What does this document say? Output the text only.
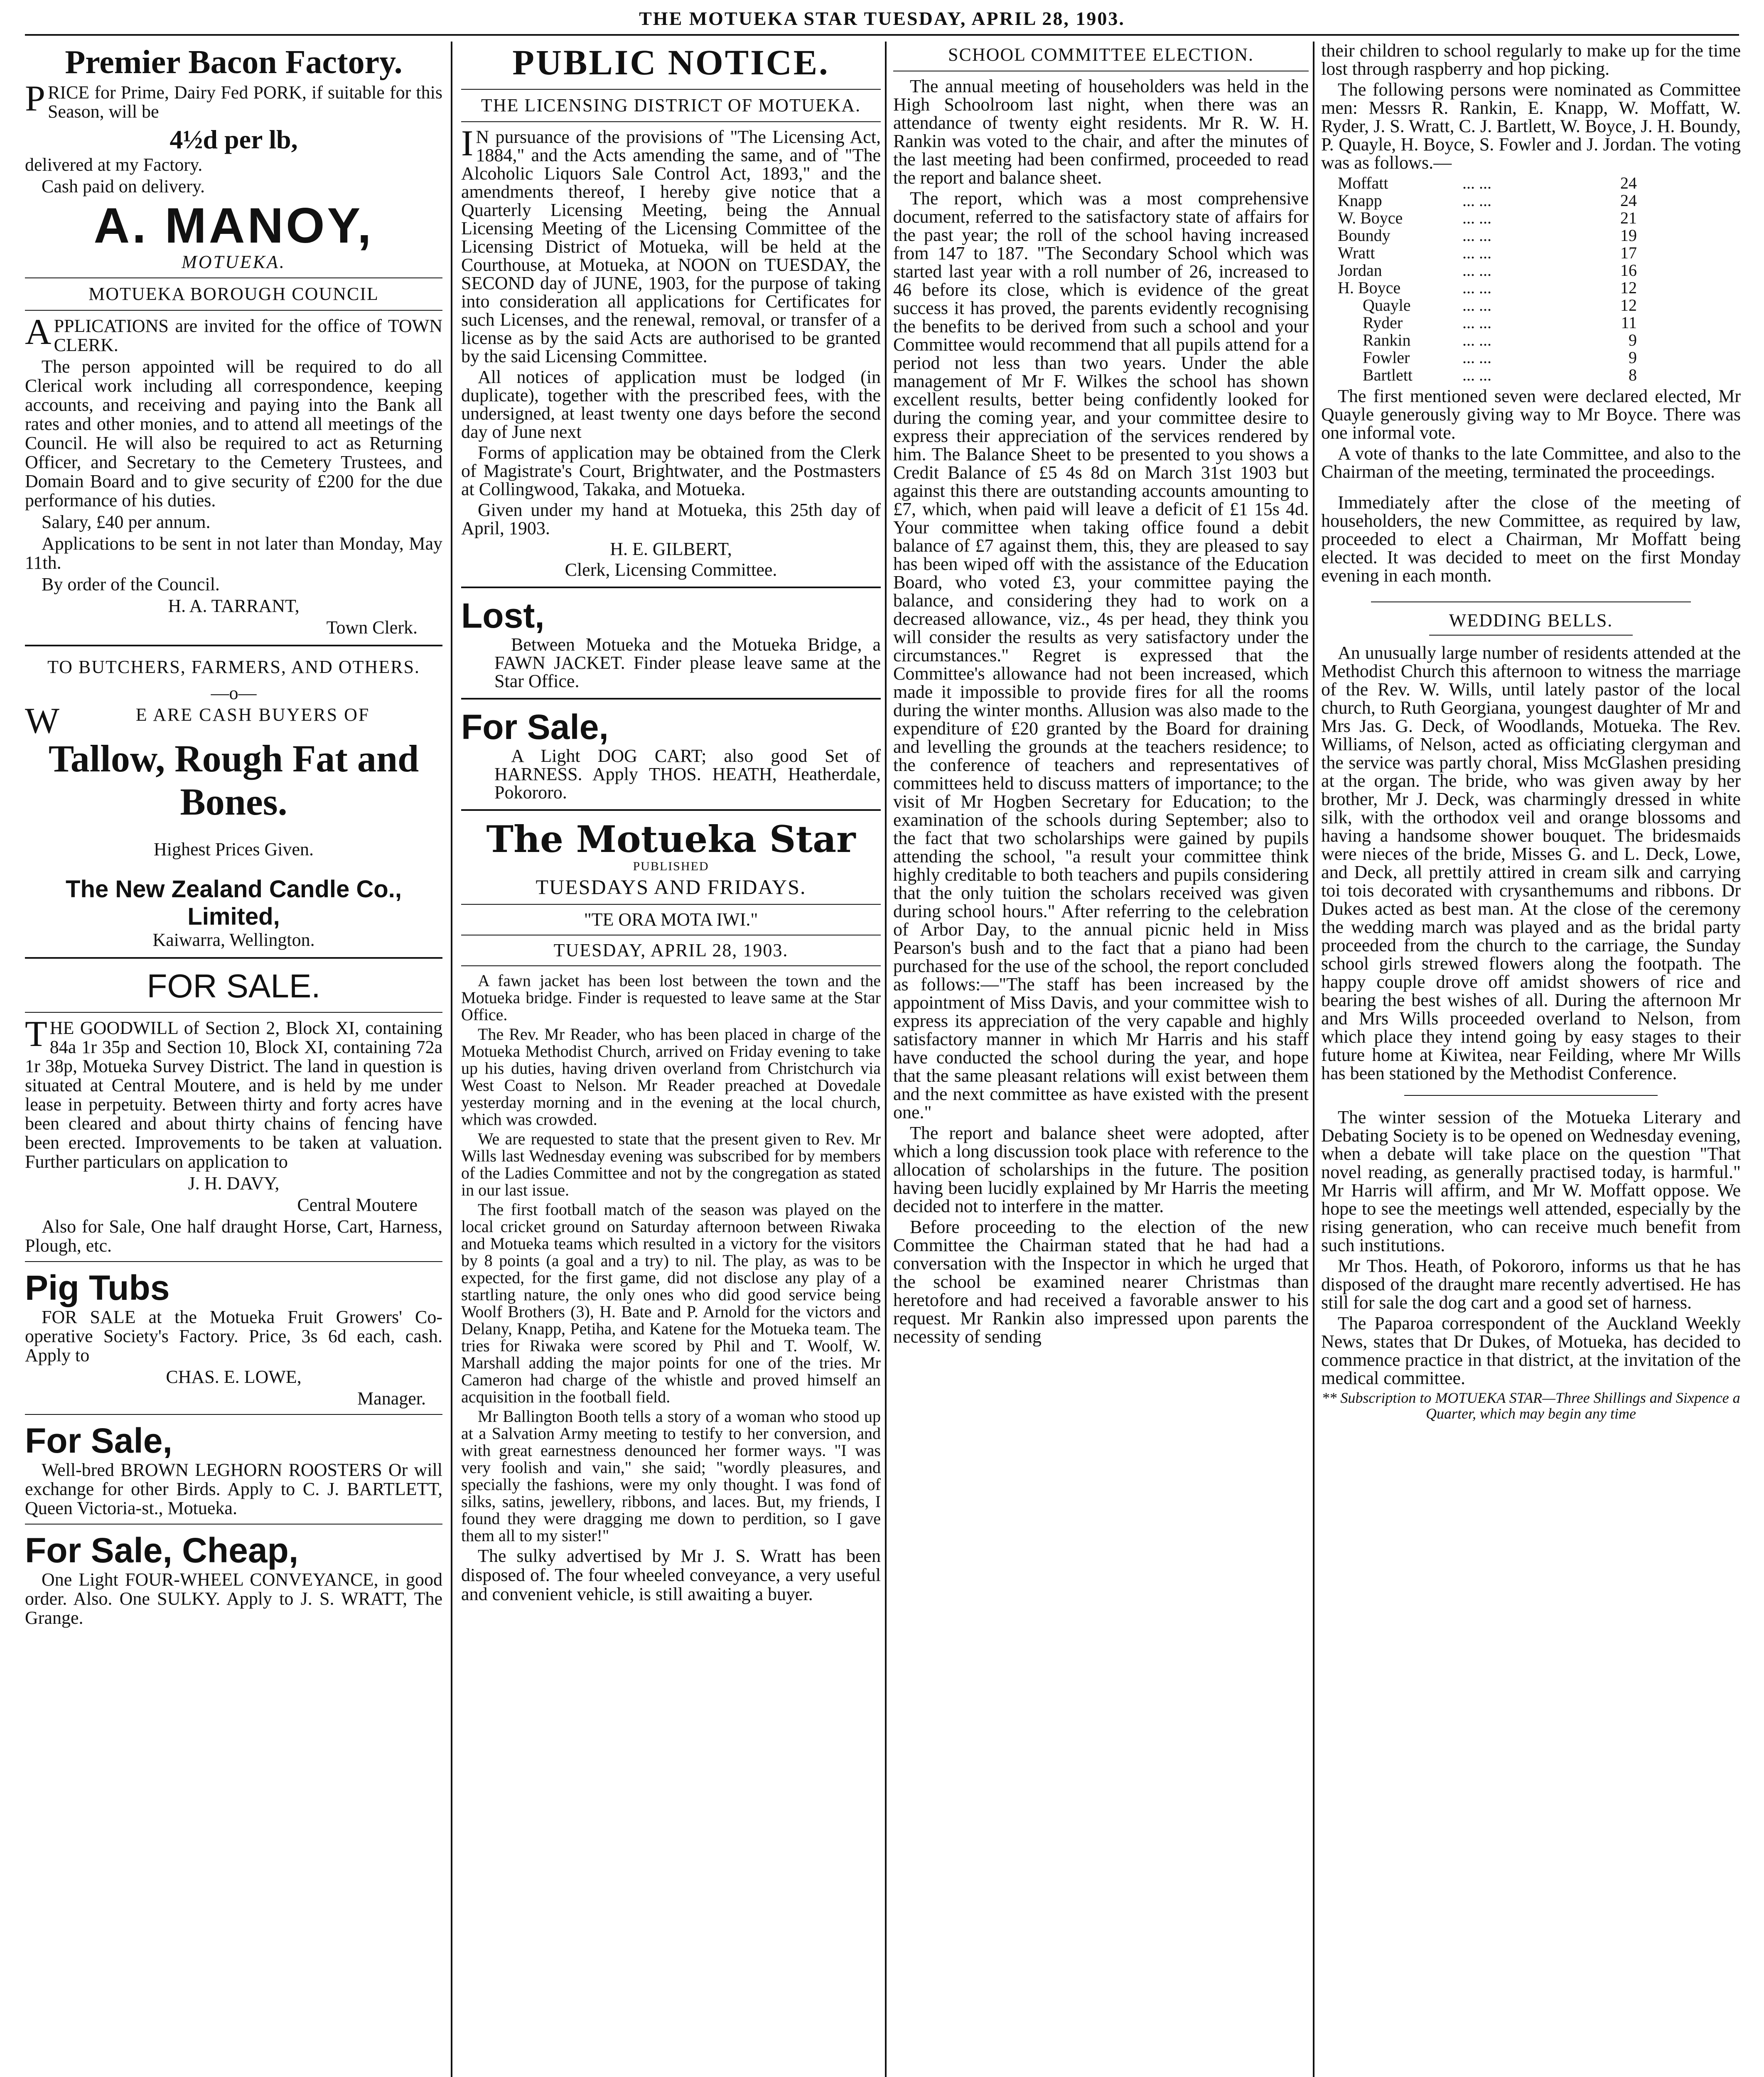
THE MOTUEKA STAR TUESDAY, APRIL 28, 1903.
Premier Bacon Factory.

PRICE for Prime, Dairy Fed PORK, if suitable for this Season, will be

4½d per lb,

delivered at my Factory.

Cash paid on delivery.

A. MANOY,

MOTUEKA.

MOTUEKA BOROUGH COUNCIL

APPLICATIONS are invited for the office of TOWN CLERK.

The person appointed will be required to do all Clerical work including all correspondence, keeping accounts, and receiving and paying into the Bank all rates and other monies, and to attend all meetings of the Council. He will also be required to act as Returning Officer, and Secretary to the Cemetery Trustees, and Domain Board and to give security of £200 for the due performance of his duties.

Salary, £40 per annum.

Applications to be sent in not later than Monday, May 11th.

By order of the Council.

H. A. TARRANT,

Town Clerk.

TO BUTCHERS, FARMERS, AND OTHERS.

—o—

WE ARE CASH BUYERS OF

Tallow, Rough Fat and Bones.

Highest Prices Given.

The New Zealand Candle Co., Limited,

Kaiwarra, Wellington.

FOR SALE.

THE GOODWILL of Section 2, Block XI, containing 84a 1r 35p and Section 10, Block XI, containing 72a 1r 38p, Motueka Survey District. The land in question is situated at Central Moutere, and is held by me under lease in perpetuity. Between thirty and forty acres have been cleared and about thirty chains of fencing have been erected. Improvements to be taken at valuation. Further particulars on application to

J. H. DAVY,

Central Moutere

Also for Sale, One half draught Horse, Cart, Harness, Plough, etc.

Pig Tubs

FOR SALE at the Motueka Fruit Growers' Co-operative Society's Factory. Price, 3s 6d each, cash. Apply to

CHAS. E. LOWE,

Manager.

For Sale,

Well-bred BROWN LEGHORN ROOSTERS Or will exchange for other Birds. Apply to C. J. BARTLETT, Queen Victoria-st., Motueka.

For Sale, Cheap,

One Light FOUR-WHEEL CONVEYANCE, in good order. Also. One SULKY. Apply to J. S. WRATT, The Grange.

PUBLIC NOTICE.
THE LICENSING DISTRICT OF MOTUEKA.

IN pursuance of the provisions of "The Licensing Act, 1884," and the Acts amending the same, and of "The Alcoholic Liquors Sale Control Act, 1893," and the amendments thereof, I hereby give notice that a Quarterly Licensing Meeting, being the Annual Licensing Meeting of the Licensing Committee of the Licensing District of Motueka, will be held at the Courthouse, at Motueka, at NOON on TUESDAY, the SECOND day of JUNE, 1903, for the purpose of taking into consideration all applications for Certificates for such Licenses, and the renewal, removal, or transfer of a license as by the said Acts are authorised to be granted by the said Licensing Committee.

All notices of application must be lodged (in duplicate), together with the prescribed fees, with the undersigned, at least twenty one days before the second day of June next

Forms of application may be obtained from the Clerk of Magistrate's Court, Brightwater, and the Postmasters at Collingwood, Takaka, and Motueka.

Given under my hand at Motueka, this 25th day of April, 1903.

H. E. GILBERT,

Clerk, Licensing Committee.

Lost,

Between Motueka and the Motueka Bridge, a FAWN JACKET. Finder please leave same at the Star Office.

For Sale,

A Light DOG CART; also good Set of HARNESS. Apply THOS. HEATH, Heatherdale, Pokororo.

The Motueka Star

PUBLISHED

TUESDAYS AND FRIDAYS.

"TE ORA MOTA IWI."

TUESDAY, APRIL 28, 1903.

A fawn jacket has been lost between the town and the Motueka bridge. Finder is requested to leave same at the Star Office.

The Rev. Mr Reader, who has been placed in charge of the Motueka Methodist Church, arrived on Friday evening to take up his duties, having driven overland from Christchurch via West Coast to Nelson. Mr Reader preached at Dovedale yesterday morning and in the evening at the local church, which was crowded.

We are requested to state that the present given to Rev. Mr Wills last Wednesday evening was subscribed for by members of the Ladies Committee and not by the congregation as stated in our last issue.

The first football match of the season was played on the local cricket ground on Saturday afternoon between Riwaka and Motueka teams which resulted in a victory for the visitors by 8 points (a goal and a try) to nil. The play, as was to be expected, for the first game, did not disclose any play of a startling nature, the only ones who did good service being Woolf Brothers (3), H. Bate and P. Arnold for the victors and Delany, Knapp, Petiha, and Katene for the Motueka team. The tries for Riwaka were scored by Phil and T. Woolf, W. Marshall adding the major points for one of the tries. Mr Cameron had charge of the whistle and proved himself an acquisition in the football field.

Mr Ballington Booth tells a story of a woman who stood up at a Salvation Army meeting to testify to her conversion, and with great earnestness denounced her former ways. "I was very foolish and vain," she said; "wordly pleasures, and specially the fashions, were my only thought. I was fond of silks, satins, jewellery, ribbons, and laces. But, my friends, I found they were dragging me down to perdition, so I gave them all to my sister!"

The sulky advertised by Mr J. S. Wratt has been disposed of. The four wheeled conveyance, a very useful and convenient vehicle, is still awaiting a buyer.

SCHOOL COMMITTEE ELECTION.

The annual meeting of householders was held in the High Schoolroom last night, when there was an attendance of twenty eight residents. Mr R. W. H. Rankin was voted to the chair, and after the minutes of the last meeting had been confirmed, proceeded to read the report and balance sheet.

The report, which was a most comprehensive document, referred to the satisfactory state of affairs for the past year; the roll of the school having increased from 147 to 187. "The Secondary School which was started last year with a roll number of 26, increased to 46 before its close, which is evidence of the great success it has proved, the parents evidently recognising the benefits to be derived from such a school and your Committee would recommend that all pupils attend for a period not less than two years. Under the able management of Mr F. Wilkes the school has shown excellent results, better being confidently looked for during the coming year, and your committee desire to express their appreciation of the services rendered by him. The Balance Sheet to be presented to you shows a Credit Balance of £5 4s 8d on March 31st 1903 but against this there are outstanding accounts amounting to £7, which, when paid will leave a deficit of £1 15s 4d. Your committee when taking office found a debit balance of £7 against them, this, they are pleased to say has been wiped off with the assistance of the Education Board, who voted £3, your committee paying the balance, and considering they had to work on a decreased allowance, viz., 4s per head, they think you will consider the results as very satisfactory under the circumstances." Regret is expressed that the Committee's allowance had not been increased, which made it impossible to provide fires for all the rooms during the winter months. Allusion was also made to the expenditure of £20 granted by the Board for draining and levelling the grounds at the teachers residence; to the conference of teachers and representatives of committees held to discuss matters of importance; to the visit of Mr Hogben Secretary for Education; to the examination of the schools during September; also to the fact that two scholarships were gained by pupils attending the school, "a result your committee think highly creditable to both teachers and pupils considering that the only tuition the scholars received was given during school hours." After referring to the celebration of Arbor Day, to the annual picnic held in Miss Pearson's bush and to the fact that a piano had been purchased for the use of the school, the report concluded as follows:—"The staff has been increased by the appointment of Miss Davis, and your committee wish to express its appreciation of the very capable and highly satisfactory manner in which Mr Harris and his staff have conducted the school during the year, and hope that the same pleasant relations will exist between them and the next committee as have existed with the present one."

The report and balance sheet were adopted, after which a long discussion took place with reference to the allocation of scholarships in the future. The position having been lucidly explained by Mr Harris the meeting decided not to interfere in the matter.

Before proceeding to the election of the new Committee the Chairman stated that he had had a conversation with the Inspector in which he urged that the school be examined nearer Christmas than heretofore and had received a favorable answer to his request. Mr Rankin also impressed upon parents the necessity of sending

their children to school regularly to make up for the time lost through raspberry and hop picking.

The following persons were nominated as Committee men: Messrs R. Rankin, E. Knapp, W. Moffatt, W. Ryder, J. S. Wratt, C. J. Bartlett, W. Boyce, J. H. Boundy, P. Quayle, H. Boyce, S. Fowler and J. Jordan. The voting was as follows.—

Moffatt	... ...	24
Knapp	... ...	24
W. Boyce	... ...	21
Boundy	... ...	19
Wratt	... ...	17
Jordan	... ...	16
H. Boyce	... ...	12
Quayle	... ...	12
Ryder	... ...	11
Rankin	... ...	9
Fowler	... ...	9
Bartlett	... ...	8

The first mentioned seven were declared elected, Mr Quayle generously giving way to Mr Boyce. There was one informal vote.

A vote of thanks to the late Committee, and also to the Chairman of the meeting, terminated the proceedings.

Immediately after the close of the meeting of householders, the new Committee, as required by law, proceeded to elect a Chairman, Mr Moffatt being elected. It was decided to meet on the first Monday evening in each month.

WEDDING BELLS.

An unusually large number of residents attended at the Methodist Church this afternoon to witness the marriage of the Rev. W. Wills, until lately pastor of the local church, to Ruth Georgiana, youngest daughter of Mr and Mrs Jas. G. Deck, of Woodlands, Motueka. The Rev. Williams, of Nelson, acted as officiating clergyman and the service was partly choral, Miss McGlashen presiding at the organ. The bride, who was given away by her brother, Mr J. Deck, was charmingly dressed in white silk, with the orthodox veil and orange blossoms and having a handsome shower bouquet. The bridesmaids were nieces of the bride, Misses G. and L. Deck, Lowe, and Deck, all prettily attired in cream silk and carrying toi tois decorated with crysanthemums and ribbons. Dr Dukes acted as best man. At the close of the ceremony the wedding march was played and as the bridal party proceeded from the church to the carriage, the Sunday school girls strewed flowers along the footpath. The happy couple drove off amidst showers of rice and bearing the best wishes of all. During the afternoon Mr and Mrs Wills proceeded overland to Nelson, from which place they intend going by easy stages to their future home at Kiwitea, near Feilding, where Mr Wills has been stationed by the Methodist Conference.

The winter session of the Motueka Literary and Debating Society is to be opened on Wednesday evening, when a debate will take place on the question "That novel reading, as generally practised today, is harmful." Mr Harris will affirm, and Mr W. Moffatt oppose. We hope to see the meetings well attended, especially by the rising generation, who can receive much benefit from such institutions.

Mr Thos. Heath, of Pokororo, informs us that he has disposed of the draught mare recently advertised. He has still for sale the dog cart and a good set of harness.

The Paparoa correspondent of the Auckland Weekly News, states that Dr Dukes, of Motueka, has decided to commence practice in that district, at the invitation of the medical committee.

** Subscription to MOTUEKA STAR—Three Shillings and Sixpence a Quarter, which may begin any time
